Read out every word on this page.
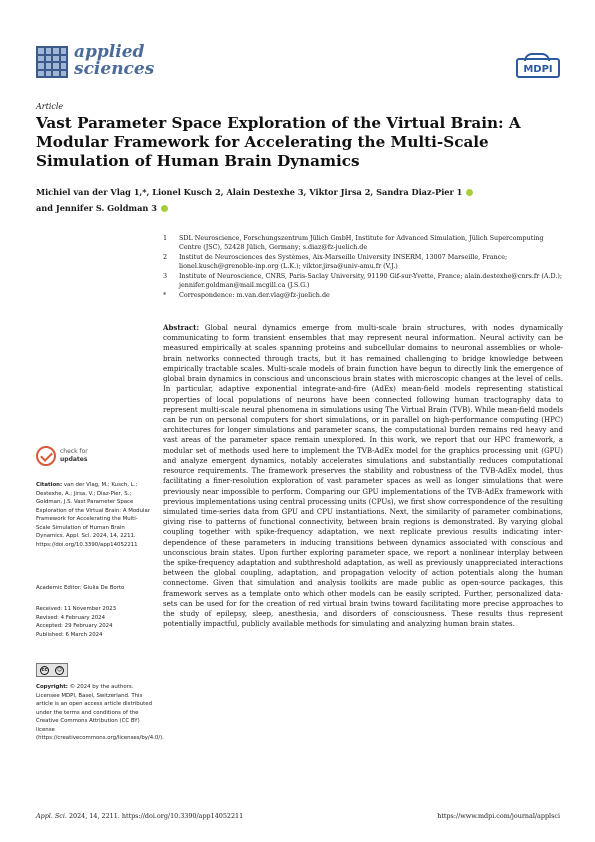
applied
sciences	MDPI
Article
Vast Parameter Space Exploration of the Virtual Brain: A Modular Framework for Accelerating the Multi-Scale Simulation of Human Brain Dynamics
Michiel van der Vlag 1,*, Lionel Kusch 2, Alain Destexhe 3, Viktor Jirsa 2, Sandra Diaz-Pier 1
and Jennifer S. Goldman 3
1 SDL Neuroscience, Forschungszentrum Jülich GmbH, Institute for Advanced Simulation, Jülich Supercomputing Centre (JSC), 52428 Jülich, Germany; s.diaz@fz-juelich.de
2 Institut de Neurosciences des Systèmes, Aix-Marseille University INSERM, 13007 Marseille, France; lionel.kusch@grenoble-inp.org (L.K.); viktor.jirsa@univ-amu.fr (V.J.)
3 Institute of Neuroscience, CNRS, Paris-Saclay University, 91190 Gif-sur-Yvette, France; alain.destexhe@cnrs.fr (A.D.); jennifer.goldman@mail.mcgill.ca (J.S.G.)
* Correspondence: m.van.der.vlag@fz-juelich.de

Abstract: Global neural dynamics emerge from multi-scale brain structures, with nodes dynamically communicating to form transient ensembles that may represent neural information. Neural activity can be measured empirically at scales spanning proteins and subcellular domains to neuronal assemblies or whole-brain networks connected through tracts, but it has remained challenging to bridge knowledge between empirically tractable scales. Multi-scale models of brain function have begun to directly link the emergence of global brain dynamics in conscious and unconscious brain states with microscopic changes at the level of cells. In particular, adaptive exponential integrate-and-fire (AdEx) mean-field models representing statistical properties of local populations of neurons have been connected following human tractography data to represent multi-scale neural phenomena in simulations using The Virtual Brain (TVB). While mean-field models can be run on personal computers for short simulations, or in parallel on high-performance computing (HPC) architectures for longer simulations and parameter scans, the computational burden remains red heavy and vast areas of the parameter space remain unexplored. In this work, we report that our HPC framework, a modular set of methods used here to implement the TVB-AdEx model for the graphics processing unit (GPU) and analyze emergent dynamics, notably accelerates simulations and substantially reduces computational resource requirements. The framework preserves the stability and robustness of the TVB-AdEx model, thus facilitating a finer-resolution exploration of vast parameter spaces as well as longer simulations that were previously near impossible to perform. Comparing our GPU implementations of the TVB-AdEx framework with previous implementations using central processing units (CPUs), we first show correspondence of the resulting simulated time-series data from GPU and CPU instantiations. Next, the similarity of parameter combinations, giving rise to patterns of functional connectivity, between brain regions is demonstrated. By varying global coupling together with spike-frequency adaptation, we next replicate previous results indicating inter-dependence of these parameters in inducing transitions between dynamics associated with conscious and unconscious brain states. Upon further exploring parameter space, we report a nonlinear interplay between the spike-frequency adaptation and subthreshold adaptation, as well as previously unappreciated interactions between the global coupling, adaptation, and propagation velocity of action potentials along the human connectome. Given that simulation and analysis toolkits are made public as open-source packages, this framework serves as a template onto which other models can be easily scripted. Further, personalized data-sets can be used for for the creation of red virtual brain twins toward facilitating more precise approaches to the study of epilepsy, sleep, anesthesia, and disorders of consciousness. These results thus represent potentially impactful, publicly available methods for simulating and analyzing human brain states.

check for
updates
Citation: van der Vlag, M.; Kusch, L.; Destexhe, A.; Jirsa, V.; Diaz-Pier, S.; Goldman, J.S. Vast Parameter Space Exploration of the Virtual Brain: A Modular Framework for Accelerating the Multi-Scale Simulation of Human Brain Dynamics. Appl. Sci. 2024, 14, 2211. https://doi.org/10.3390/app14052211
Academic Editor: Giulia De Borto
Received: 11 November 2023
Revised: 4 February 2024
Accepted: 29 February 2024
Published: 6 March 2024
cc	☺
Copyright: © 2024 by the authors. Licensee MDPI, Basel, Switzerland. This article is an open access article distributed under the terms and conditions of the Creative Commons Attribution (CC BY) license (https://creativecommons.org/licenses/by/4.0/).
Appl. Sci. 2024, 14, 2211. https://doi.org/10.3390/app14052211	https://www.mdpi.com/journal/applsci
